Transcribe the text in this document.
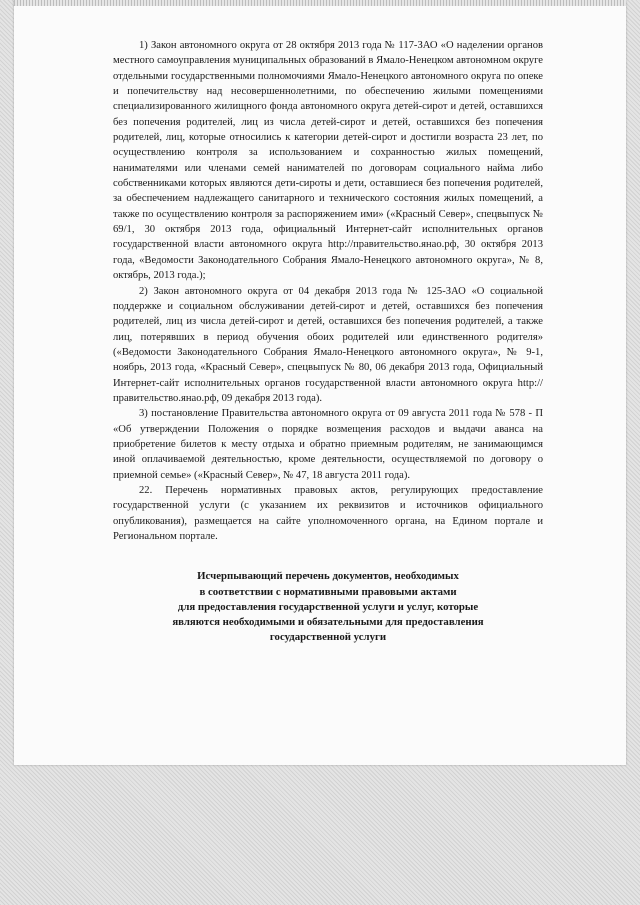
1) Закон автономного округа от 28 октября 2013 года № 117-ЗАО «О наделении органов местного самоуправления муниципальных образований в Ямало-Ненецком автономном округе отдельными государственными полномочиями Ямало-Ненецкого автономного округа по опеке и попечительству над несовершеннолетними, по обеспечению жилыми помещениями специализированного жилищного фонда автономного округа детей-сирот и детей, оставшихся без попечения родителей, лиц из числа детей-сирот и детей, оставшихся без попечения родителей, лиц, которые относились к категории детей-сирот и достигли возраста 23 лет, по осуществлению контроля за использованием и сохранностью жилых помещений, нанимателями или членами семей нанимателей по договорам социального найма либо собственниками которых являются дети-сироты и дети, оставшиеся без попечения родителей, за обеспечением надлежащего санитарного и технического состояния жилых помещений, а также по осуществлению контроля за распоряжением ими» («Красный Север», спецвыпуск № 69/1, 30 октября 2013 года, официальный Интернет-сайт исполнительных органов государственной власти автономного округа http://правительство.янао.рф, 30 октября 2013 года, «Ведомости Законодательного Собрания Ямало-Ненецкого автономного округа», № 8, октябрь, 2013 года.);

2) Закон автономного округа от 04 декабря 2013 года № 125-ЗАО «О социальной поддержке и социальном обслуживании детей-сирот и детей, оставшихся без попечения родителей, лиц из числа детей-сирот и детей, оставшихся без попечения родителей, а также лиц, потерявших в период обучения обоих родителей или единственного родителя» («Ведомости Законодательного Собрания Ямало-Ненецкого автономного округа», № 9-1, ноябрь, 2013 года, «Красный Север», спецвыпуск № 80, 06 декабря 2013 года, Официальный Интернет-сайт исполнительных органов государственной власти автономного округа http://правительство.янао.рф, 09 декабря 2013 года).

3) постановление Правительства автономного округа от 09 августа 2011 года № 578 - П «Об утверждении Положения о порядке возмещения расходов и выдачи аванса на приобретение билетов к месту отдыха и обратно приемным родителям, не занимающимся иной оплачиваемой деятельностью, кроме деятельности, осуществляемой по договору о приемной семье» («Красный Север», № 47, 18 августа 2011 года).

22. Перечень нормативных правовых актов, регулирующих предоставление государственной услуги (с указанием их реквизитов и источников официального опубликования), размещается на сайте уполномоченного органа, на Едином портале и Региональном портале.

Исчерпывающий перечень документов, необходимых
в соответствии с нормативными правовыми актами
для предоставления государственной услуги и услуг, которые
являются необходимыми и обязательными для предоставления
государственной услуги
